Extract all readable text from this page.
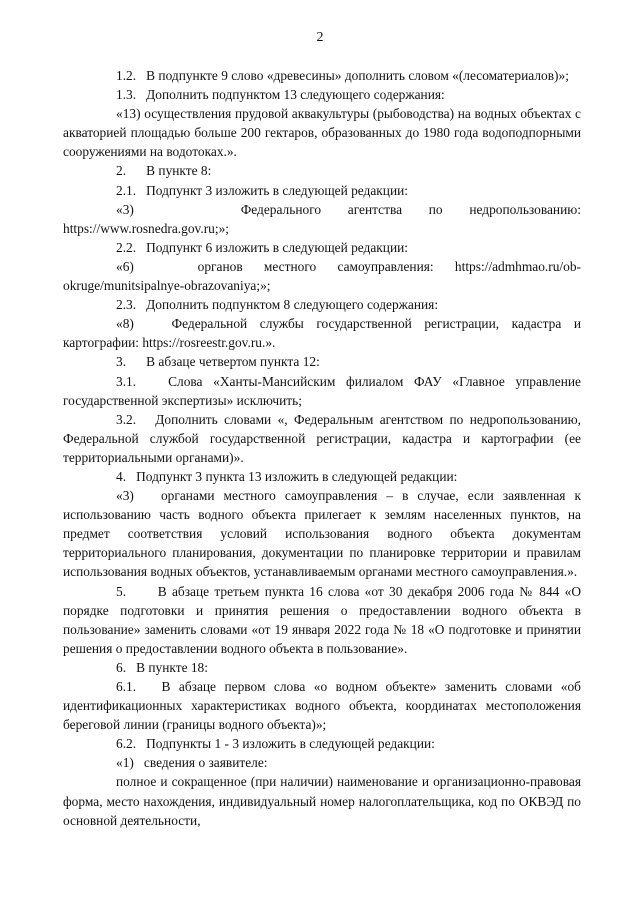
2

1.2.   В подпункте 9 слово «древесины» дополнить словом «(лесоматериалов)»;

1.3.   Дополнить подпунктом 13 следующего содержания:

«13) осуществления прудовой аквакультуры (рыбоводства) на водных объектах с акваторией площадью больше 200 гектаров, образованных до 1980 года водоподпорными сооружениями на водотоках.».

2.      В пункте 8:

2.1.   Подпункт 3 изложить в следующей редакции:

«3)    Федерального агентства по недропользованию: https://www.rosnedra.gov.ru;»;

2.2.   Подпункт 6 изложить в следующей редакции:

«6)   органов местного самоуправления: https://admhmao.ru/ob-okruge/munitsipalnye-obrazovaniya;»;

2.3.   Дополнить подпунктом 8 следующего содержания:

«8)   Федеральной службы государственной регистрации, кадастра и картографии: https://rosreestr.gov.ru.».

3.      В абзаце четвертом пункта 12:

3.1.   Слова «Ханты-Мансийским филиалом ФАУ «Главное управление государственной экспертизы» исключить;

3.2.   Дополнить словами «, Федеральным агентством по недропользованию, Федеральной службой государственной регистрации, кадастра и картографии (ее территориальными органами)».

4.   Подпункт 3 пункта 13 изложить в следующей редакции:

«3)   органами местного самоуправления – в случае, если заявленная к использованию часть водного объекта прилегает к землям населенных пунктов, на предмет соответствия условий использования водного объекта документам территориального планирования, документации по планировке территории и правилам использования водных объектов, устанавливаемым органами местного самоуправления.».

5.      В абзаце третьем пункта 16 слова «от 30 декабря 2006 года № 844 «О порядке подготовки и принятия решения о предоставлении водного объекта в пользование» заменить словами «от 19 января 2022 года № 18 «О подготовке и принятии решения о предоставлении водного объекта в пользование».

6.   В пункте 18:

6.1.   В абзаце первом слова «о водном объекте» заменить словами «об идентификационных характеристиках водного объекта, координатах местоположения береговой линии (границы водного объекта)»;

6.2.   Подпункты 1 - 3 изложить в следующей редакции:

«1)   сведения о заявителе:

полное и сокращенное (при наличии) наименование и организационно-правовая форма, место нахождения, индивидуальный номер налогоплательщика, код по ОКВЭД по основной деятельности,
